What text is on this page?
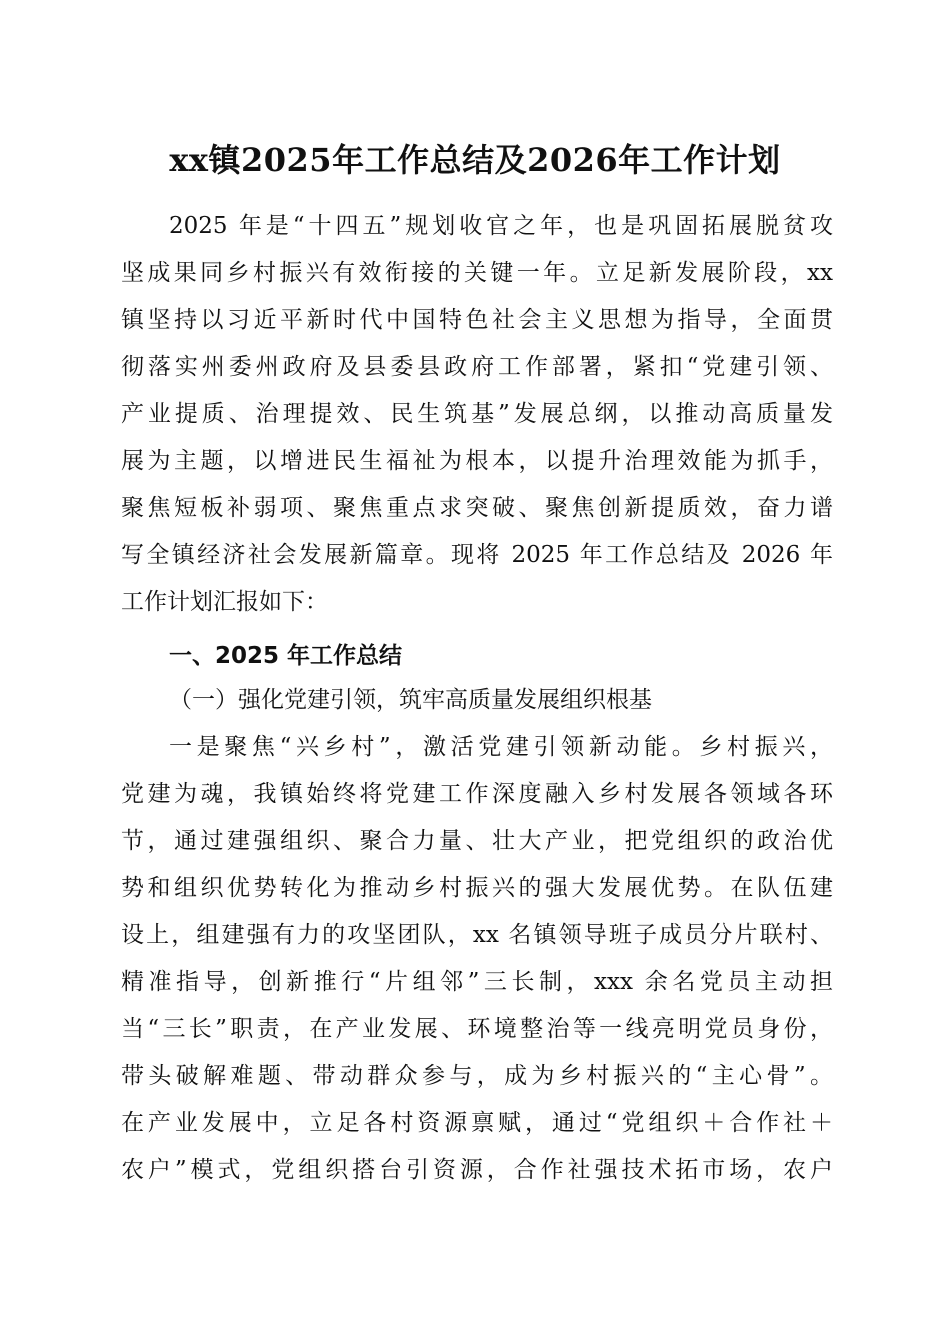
xx镇2025年工作总结及2026年工作计划
2025 年是“十四五”规划收官之年，也是巩固拓展脱贫攻
坚成果同乡村振兴有效衔接的关键一年。立足新发展阶段，xx
镇坚持以习近平新时代中国特色社会主义思想为指导，全面贯
彻落实州委州政府及县委县政府工作部署，紧扣“党建引领、
产业提质、治理提效、民生筑基”发展总纲，以推动高质量发
展为主题，以增进民生福祉为根本，以提升治理效能为抓手，
聚焦短板补弱项、聚焦重点求突破、聚焦创新提质效，奋力谱
写全镇经济社会发展新篇章。现将 2025 年工作总结及 2026 年
工作计划汇报如下：
一、2025 年工作总结
（一）强化党建引领，筑牢高质量发展组织根基
一是聚焦“兴乡村”，激活党建引领新动能。乡村振兴，
党建为魂，我镇始终将党建工作深度融入乡村发展各领域各环
节，通过建强组织、聚合力量、壮大产业，把党组织的政治优
势和组织优势转化为推动乡村振兴的强大发展优势。在队伍建
设上，组建强有力的攻坚团队，xx 名镇领导班子成员分片联村、
精准指导，创新推行“片组邻”三长制，xxx 余名党员主动担
当“三长”职责，在产业发展、环境整治等一线亮明党员身份，
带头破解难题、带动群众参与，成为乡村振兴的“主心骨”。
在产业发展中，立足各村资源禀赋，通过“党组织＋合作社＋
农户”模式，党组织搭台引资源，合作社强技术拓市场，农户
